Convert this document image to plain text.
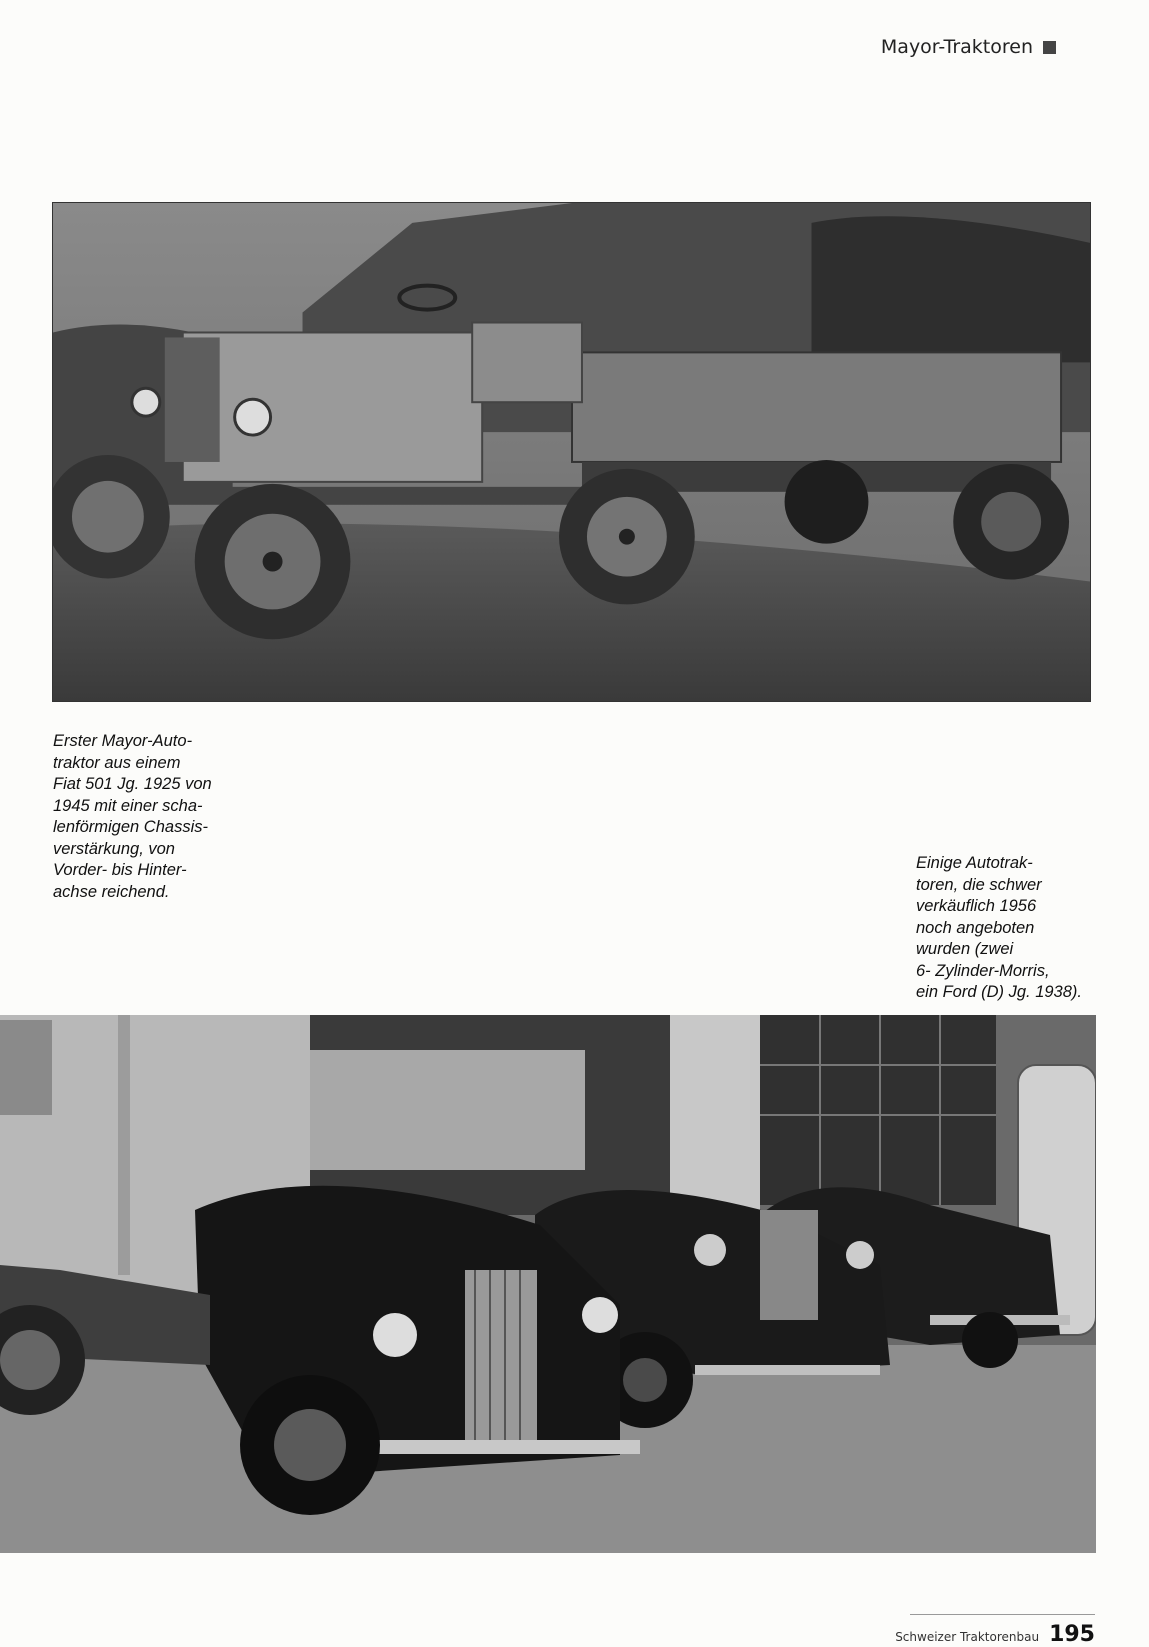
Mayor-Traktoren

Erster Mayor-Auto-
traktor aus einem
Fiat 501 Jg. 1925 von
1945 mit einer scha-
lenförmigen Chassis-
verstärkung, von
Vorder- bis Hinter-
achse reichend.

Einige Autotrak-
toren, die schwer
verkäuflich 1956
noch angeboten
wurden (zwei
6- Zylinder-Morris,
ein Ford (D) Jg. 1938).

Schweizer Traktorenbau 195
